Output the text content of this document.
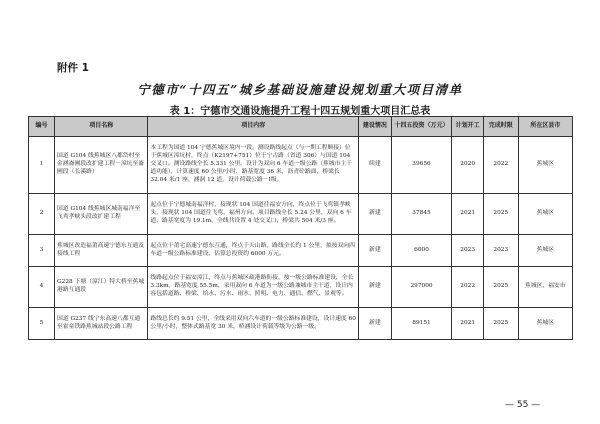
附件 1
宁德市“十四五”城乡基础设施建设规划重大项目清单
表 1：宁德市交通设施提升工程十四五规划重大项目汇总表
编号	项目名称	项目内容	建设情况	十四五投资（万元）	计划开工	完成时限	所在区县市
1	国道 G104 线蕉城区八都岱村至金涵崙圃段改扩建工程－漳坑至崙圃段（长溪路）	本工程为国道 104 宁德蕉城区境内一段。测设路线起点（与一期工程顺接）位于蕉城区漳坑村，终点（K2197+751）位于宁古路（省道 306）与国道 104 交叉口。测设路线全长 5.331 公里。设计为双向 6 车道一级公路（蕉城市主干道功能），计算速度 60 公里/小时，路基宽度 36 米，沥青砼路面，桥梁长 32.04 米/1 座，涵洞 12 道，设计荷载公路－Ⅰ级。	续建	39656	2020	2022	蕉城区
2	国道 G104 线蕉城区城南福洋至飞鸾孝峡头段改扩建工程	起点位于宁德城南福洋村，接现状 104 国道往福安方向，终点位于飞鸾镇孝峡头，接现状 104 国道往飞鸾、福州方向。项目路线全长 5.24 公里，双向 6 车道，路基宽度为 19.1m，全线共设置 4 处交叉口，桥梁共 504 米/3 座。	新建	37845	2021	2025	蕉城区
3	蕉城区改造福莆高速宁德东互通及接线工程	起点位于莆宅高速宁德东互通，终点于天山路，路线全长约 1 公里，拟按双向四车道一级公路标准建设，估算总投资约 6000 万元。	新建	6000	2023	2023	蕉城区
4	G228 下塘（漳江）特大桥至蕉城港路互通段	线路起点位于福安漳江，终点与蕉城区疏港路衔接，按一级公路标准建设，全长 3.3km，路基宽度 55.5m，采用双向 6 车道为一级公路兼城市主干道，设计内容包括道路、桥梁、给水、污水、雨水、照明、电力、通信、燃气、景观等。	新建	297000	2022	2025	蕉城区、福安市
5	国道 G237 线宁东高速八都互通至霍童铁路蕉城站段公路工程	路线总长约 9.51 公里，全线采用双向六车道的一级公路标准建设，设计速度 60 公里/小时，整体式路基宽 30 米，桥涵设计荷载等级为公路一级。	新建	89151	2021	2025	蕉城区
— 55 —
